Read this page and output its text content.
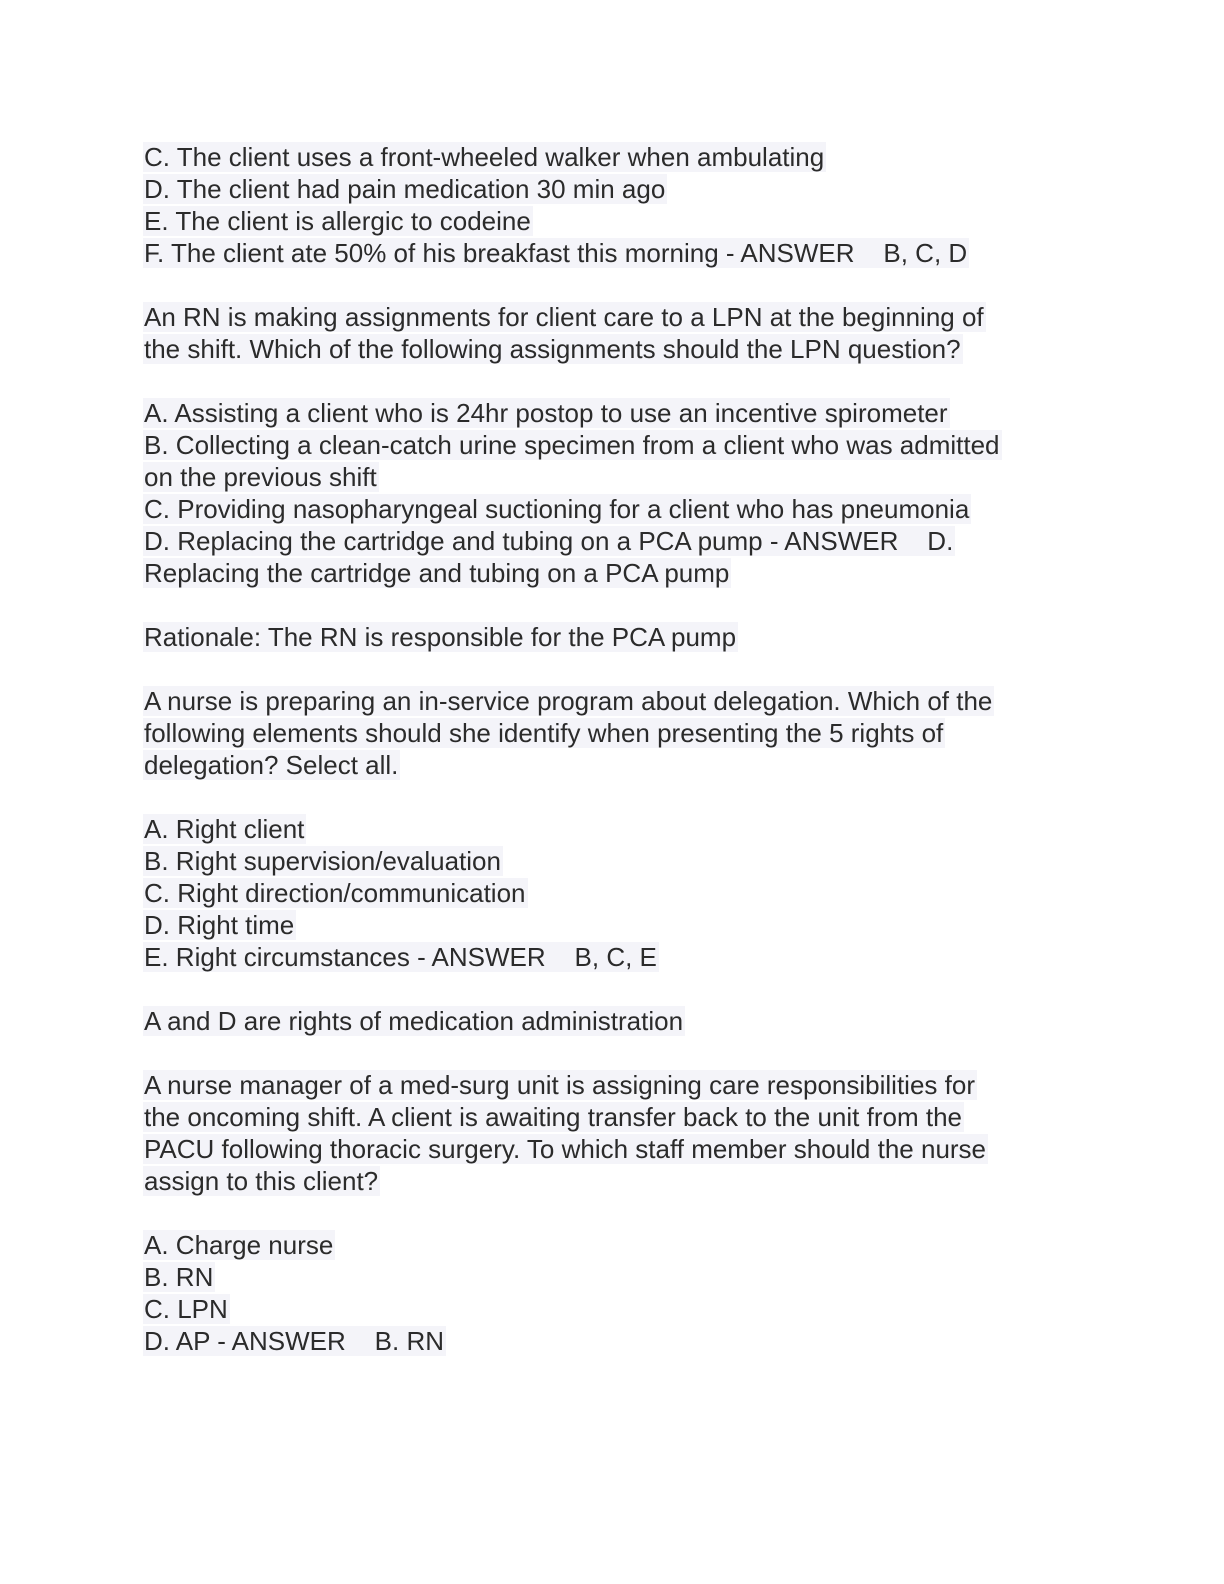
C. The client uses a front-wheeled walker when ambulating
D. The client had pain medication 30 min ago
E. The client is allergic to codeine
F. The client ate 50% of his breakfast this morning - ANSWER    B, C, D
An RN is making assignments for client care to a LPN at the beginning of
the shift. Which of the following assignments should the LPN question?
A. Assisting a client who is 24hr postop to use an incentive spirometer
B. Collecting a clean-catch urine specimen from a client who was admitted
on the previous shift
C. Providing nasopharyngeal suctioning for a client who has pneumonia
D. Replacing the cartridge and tubing on a PCA pump - ANSWER    D.
Replacing the cartridge and tubing on a PCA pump
Rationale: The RN is responsible for the PCA pump
A nurse is preparing an in-service program about delegation. Which of the
following elements should she identify when presenting the 5 rights of
delegation? Select all.
A. Right client
B. Right supervision/evaluation
C. Right direction/communication
D. Right time
E. Right circumstances - ANSWER    B, C, E
A and D are rights of medication administration
A nurse manager of a med-surg unit is assigning care responsibilities for
the oncoming shift. A client is awaiting transfer back to the unit from the
PACU following thoracic surgery. To which staff member should the nurse
assign to this client?
A. Charge nurse
B. RN
C. LPN
D. AP - ANSWER    B. RN
